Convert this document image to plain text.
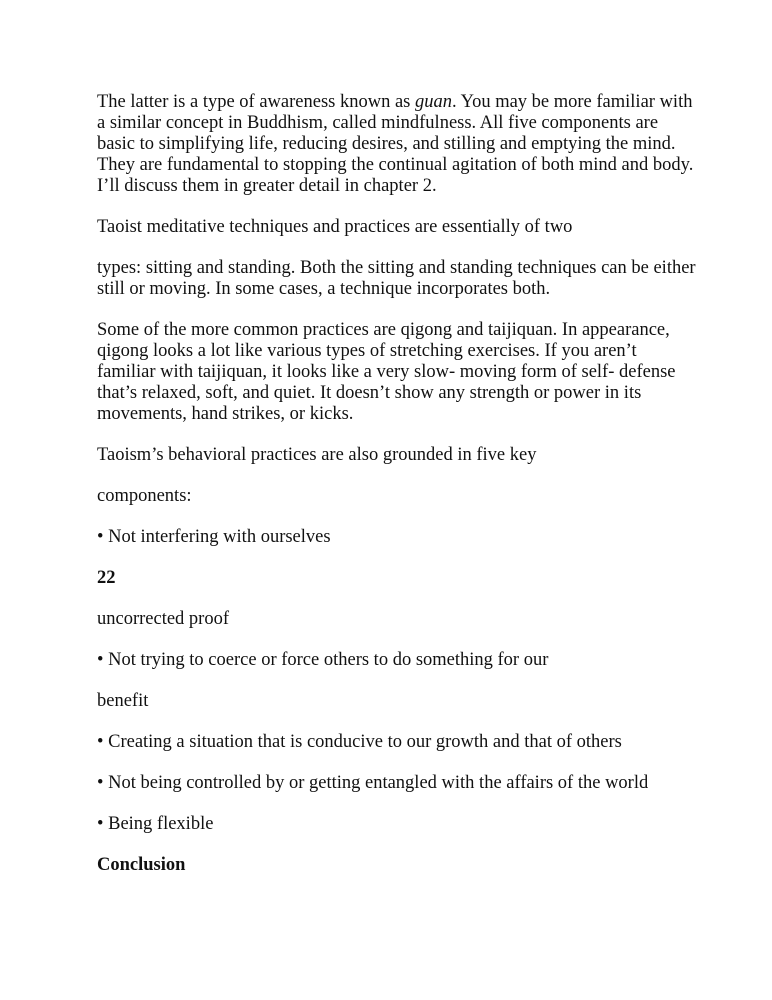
The latter is a type of awareness known as guan. You may be more familiar with a similar concept in Buddhism, called mindfulness. All five components are basic to simplifying life, reducing desires, and stilling and emptying the mind. They are fundamental to stopping the continual agitation of both mind and body. I’ll discuss them in greater detail in chapter 2.

Taoist meditative techniques and practices are essentially of two

types: sitting and standing. Both the sitting and standing techniques can be either still or moving. In some cases, a technique incorporates both.

Some of the more common practices are qigong and taijiquan. In appearance, qigong looks a lot like various types of stretching exercises. If you aren’t familiar with taijiquan, it looks like a very slow- moving form of self- defense that’s relaxed, soft, and quiet. It doesn’t show any strength or power in its movements, hand strikes, or kicks.

Taoism’s behavioral practices are also grounded in five key

components:

• Not interfering with ourselves

22

uncorrected proof

• Not trying to coerce or force others to do something for our

benefit

• Creating a situation that is conducive to our growth and that of others

• Not being controlled by or getting entangled with the affairs of the world

• Being flexible

Conclusion
